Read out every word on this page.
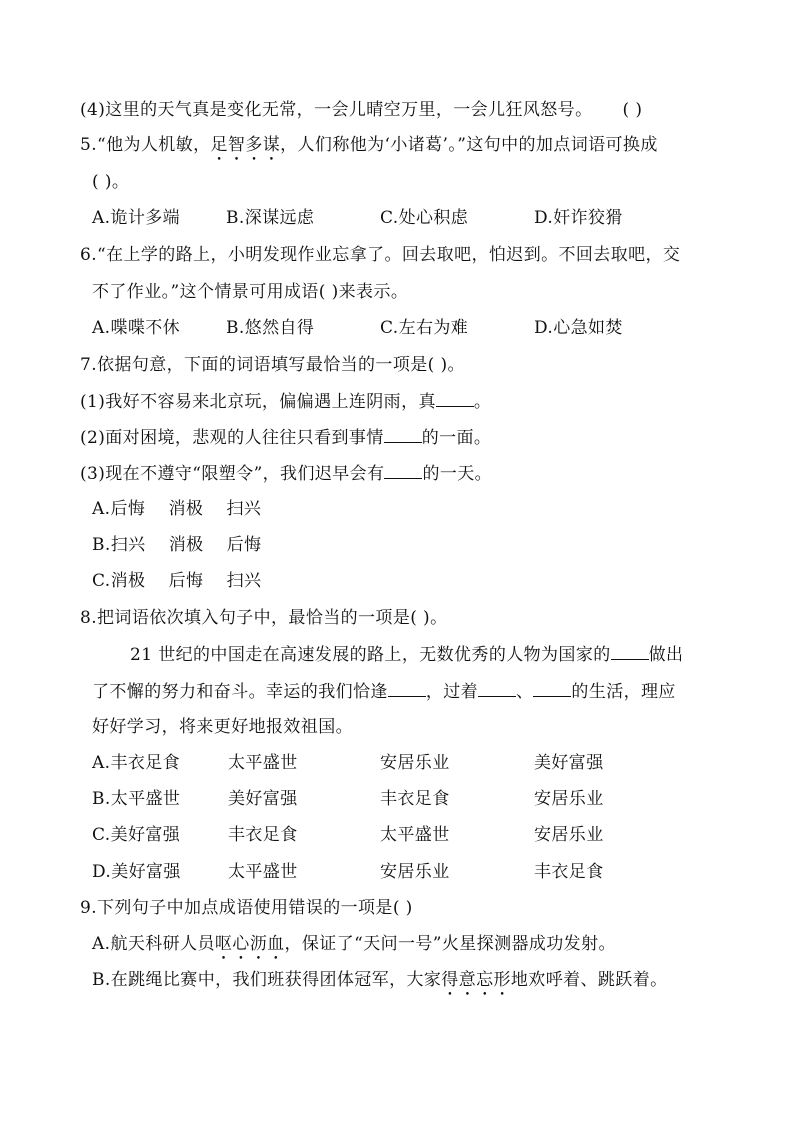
(4)这里的天气真是变化无常，一会儿晴空万里，一会儿狂风怒号。 ( )
5.“他为人机敏，足智多谋，人们称他为‘小诸葛’。”这句中的加点词语可换成
( )。
A.诡计多端	B.深谋远虑	C.处心积虑	D.奸诈狡猾
6.“在上学的路上，小明发现作业忘拿了。回去取吧，怕迟到。不回去取吧，交
不了作业。”这个情景可用成语( )来表示。
A.喋喋不休	B.悠然自得	C.左右为难	D.心急如焚
7.依据句意，下面的词语填写最恰当的一项是( )。
(1)我好不容易来北京玩，偏偏遇上连阴雨，真 。
(2)面对困境，悲观的人往往只看到事情 的一面。
(3)现在不遵守“限塑令”，我们迟早会有 的一天。
A.后悔    消极    扫兴
B.扫兴    消极    后悔
C.消极    后悔    扫兴
8.把词语依次填入句子中，最恰当的一项是( )。
21 世纪的中国走在高速发展的路上，无数优秀的人物为国家的 做出
了不懈的努力和奋斗。幸运的我们恰逢 ，过着 、 的生活，理应
好好学习，将来更好地报效祖国。
A.丰衣足食	太平盛世	安居乐业	美好富强
B.太平盛世	美好富强	丰衣足食	安居乐业
C.美好富强	丰衣足食	太平盛世	安居乐业
D.美好富强	太平盛世	安居乐业	丰衣足食
9.下列句子中加点成语使用错误的一项是( )
A.航天科研人员呕心沥血，保证了“天问一号”火星探测器成功发射。
B.在跳绳比赛中，我们班获得团体冠军，大家得意忘形地欢呼着、跳跃着。
